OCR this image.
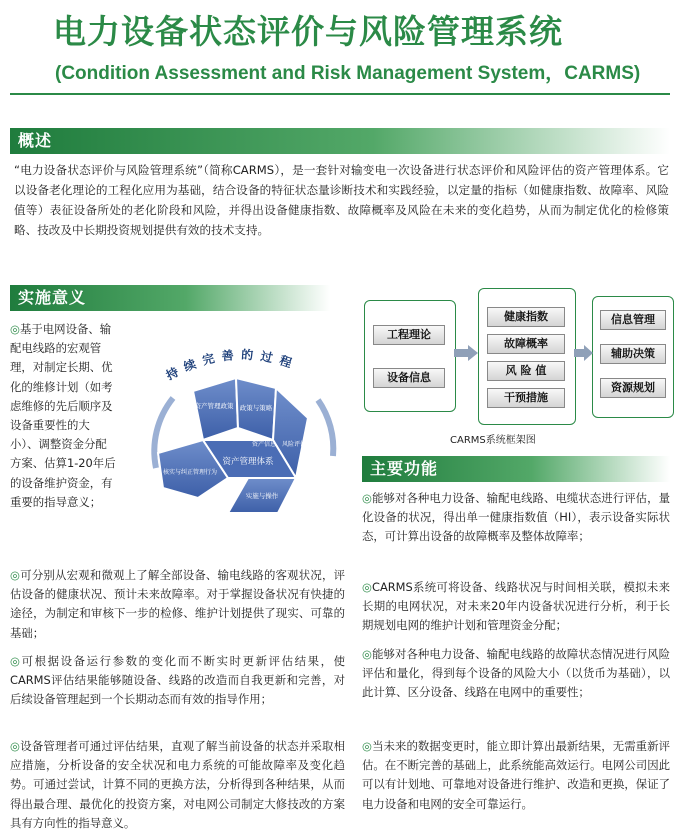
电力设备状态评价与风险管理系统
(Condition Assessment and Risk Management System，CARMS)
概述
“电力设备状态评价与风险管理系统”（简称CARMS），是一套针对输变电一次设备进行状态评价和风险评估的资产管理体系。它以设备老化理论的工程化应用为基础，结合设备的特征状态量诊断技术和实践经验，以定量的指标（如健康指数、故障率、风险值等）表征设备所处的老化阶段和风险，并得出设备健康指数、故障概率及风险在未来的变化趋势，从而为制定优化的检修策略、技改及中长期投资规划提供有效的技术支持。
实施意义
◎基于电网设备、输配电线路的宏观管理，对制定长期、优化的维修计划（如考虑维修的先后顺序及设备重要性的大小）、调整资金分配方案、估算1-20年后的设备维护资金，有重要的指导意义；
持续完善的过程
资产管理体系
资产管理政策 政策与策略
资产信息、风险评估与计划
实施与操作
核实与纠正管理行为
◎可分别从宏观和微观上了解全部设备、输电线路的客观状况，评估设备的健康状况、预计未来故障率。对于掌握设备状况有快捷的途径，为制定和审核下一步的检修、维护计划提供了现实、可靠的基础；
◎可根据设备运行参数的变化而不断实时更新评估结果，使CARMS评估结果能够随设备、线路的改造而自我更新和完善，对后续设备管理起到一个长期动态而有效的指导作用；
◎设备管理者可通过评估结果，直观了解当前设备的状态并采取相应措施，分析设备的安全状况和电力系统的可能故障率及变化趋势。可通过尝试，计算不同的更换方法，分析得到各种结果，从而得出最合理、最优化的投资方案，对电网公司制定大修技改的方案具有方向性的指导意义。
工程理论
设备信息
健康指数
故障概率
风 险 值
干预措施
信息管理
辅助决策
资源规划
CARMS系统框架图
主要功能
◎能够对各种电力设备、输配电线路、电缆状态进行评估，量化设备的状况，得出单一健康指数值（HI），表示设备实际状态，可计算出设备的故障概率及整体故障率；
◎CARMS系统可将设备、线路状况与时间相关联，模拟未来长期的电网状况，对未来20年内设备状况进行分析，利于长期规划电网的维护计划和管理资金分配；
◎能够对各种电力设备、输配电线路的故障状态情况进行风险评估和量化，得到每个设备的风险大小（以货币为基础），以此计算、区分设备、线路在电网中的重要性；
◎当未来的数据变更时，能立即计算出最新结果，无需重新评估。在不断完善的基础上，此系统能高效运行。电网公司因此可以有计划地、可靠地对设备进行维护、改造和更换，保证了电力设备和电网的安全可靠运行。
